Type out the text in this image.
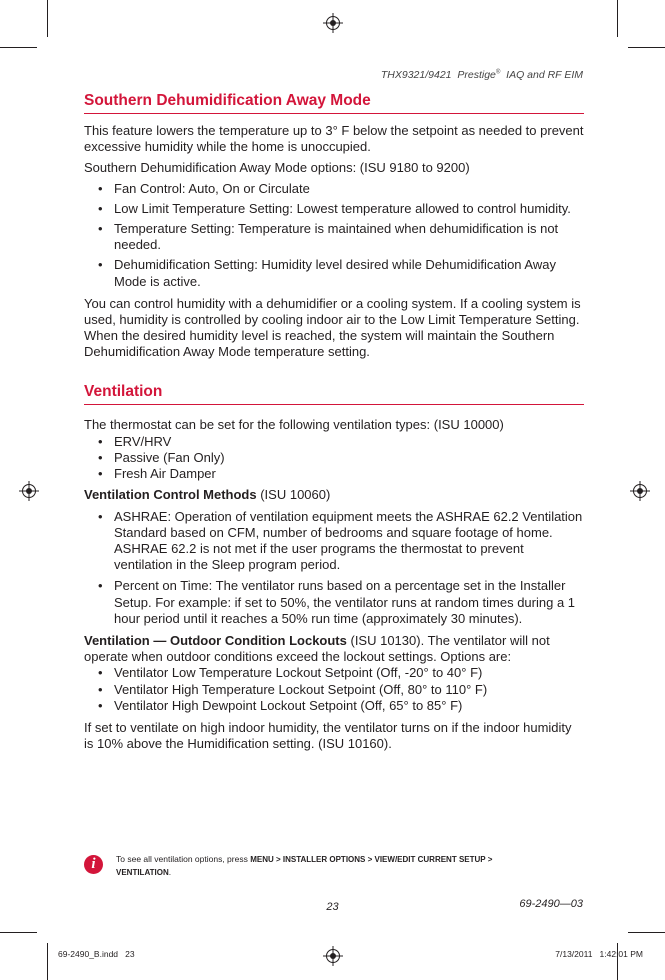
THX9321/9421 Prestige® IAQ and RF EIM
Southern Dehumidification Away Mode

This feature lowers the temperature up to 3° F below the setpoint as needed to prevent excessive humidity while the home is unoccupied.

Southern Dehumidification Away Mode options: (ISU 9180 to 9200)

• Fan Control: Auto, On or Circulate
• Low Limit Temperature Setting: Lowest temperature allowed to control humidity.
• Temperature Setting: Temperature is maintained when dehumidification is not needed.
• Dehumidification Setting: Humidity level desired while Dehumidification Away Mode is active.

You can control humidity with a dehumidifier or a cooling system. If a cooling system is used, humidity is controlled by cooling indoor air to the Low Limit Temperature Setting. When the desired humidity level is reached, the system will maintain the Southern Dehumidification Away Mode temperature setting.

Ventilation

The thermostat can be set for the following ventilation types: (ISU 10000)

• ERV/HRV
• Passive (Fan Only)
• Fresh Air Damper

Ventilation Control Methods (ISU 10060)

• ASHRAE: Operation of ventilation equipment meets the ASHRAE 62.2 Ventilation Standard based on CFM, number of bedrooms and square footage of home. ASHRAE 62.2 is not met if the user programs the thermostat to prevent ventilation in the Sleep program period.
• Percent on Time: The ventilator runs based on a percentage set in the Installer Setup. For example: if set to 50%, the ventilator runs at random times during a 1 hour period until it reaches a 50% run time (approximately 30 minutes).

Ventilation — Outdoor Condition Lockouts (ISU 10130). The ventilator will not operate when outdoor conditions exceed the lockout settings. Options are:

• Ventilator Low Temperature Lockout Setpoint (Off, -20° to 40° F)
• Ventilator High Temperature Lockout Setpoint (Off, 80° to 110° F)
• Ventilator High Dewpoint Lockout Setpoint (Off, 65° to 85° F)

If set to ventilate on high indoor humidity, the ventilator turns on if the indoor humidity is 10% above the Humidification setting. (ISU 10160).

i	To see all ventilation options, press MENU > INSTALLER OPTIONS > VIEW/EDIT CURRENT SETUP > VENTILATION.
23	69-2490—03
69-2490_B.indd   23	7/13/2011   1:42:01 PM
